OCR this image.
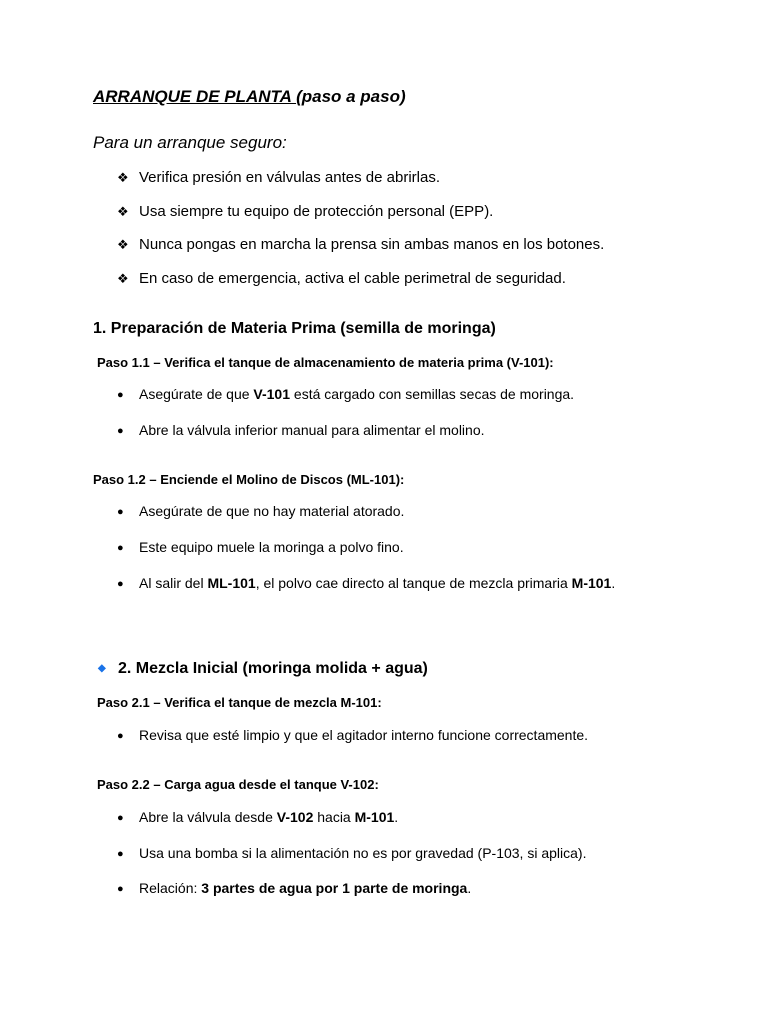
ARRANQUE DE PLANTA (paso a paso)
Para un arranque seguro:
❖ Verifica presión en válvulas antes de abrirlas.
❖ Usa siempre tu equipo de protección personal (EPP).
❖ Nunca pongas en marcha la prensa sin ambas manos en los botones.
❖ En caso de emergencia, activa el cable perimetral de seguridad.
1. Preparación de Materia Prima (semilla de moringa)
Paso 1.1 – Verifica el tanque de almacenamiento de materia prima (V-101):
● Asegúrate de que V-101 está cargado con semillas secas de moringa.
● Abre la válvula inferior manual para alimentar el molino.
Paso 1.2 – Enciende el Molino de Discos (ML-101):
● Asegúrate de que no hay material atorado.
● Este equipo muele la moringa a polvo fino.
● Al salir del ML-101, el polvo cae directo al tanque de mezcla primaria M-101.
◆ 2. Mezcla Inicial (moringa molida + agua)
Paso 2.1 – Verifica el tanque de mezcla M-101:
● Revisa que esté limpio y que el agitador interno funcione correctamente.
Paso 2.2 – Carga agua desde el tanque V-102:
● Abre la válvula desde V-102 hacia M-101.
● Usa una bomba si la alimentación no es por gravedad (P-103, si aplica).
● Relación: 3 partes de agua por 1 parte de moringa.
